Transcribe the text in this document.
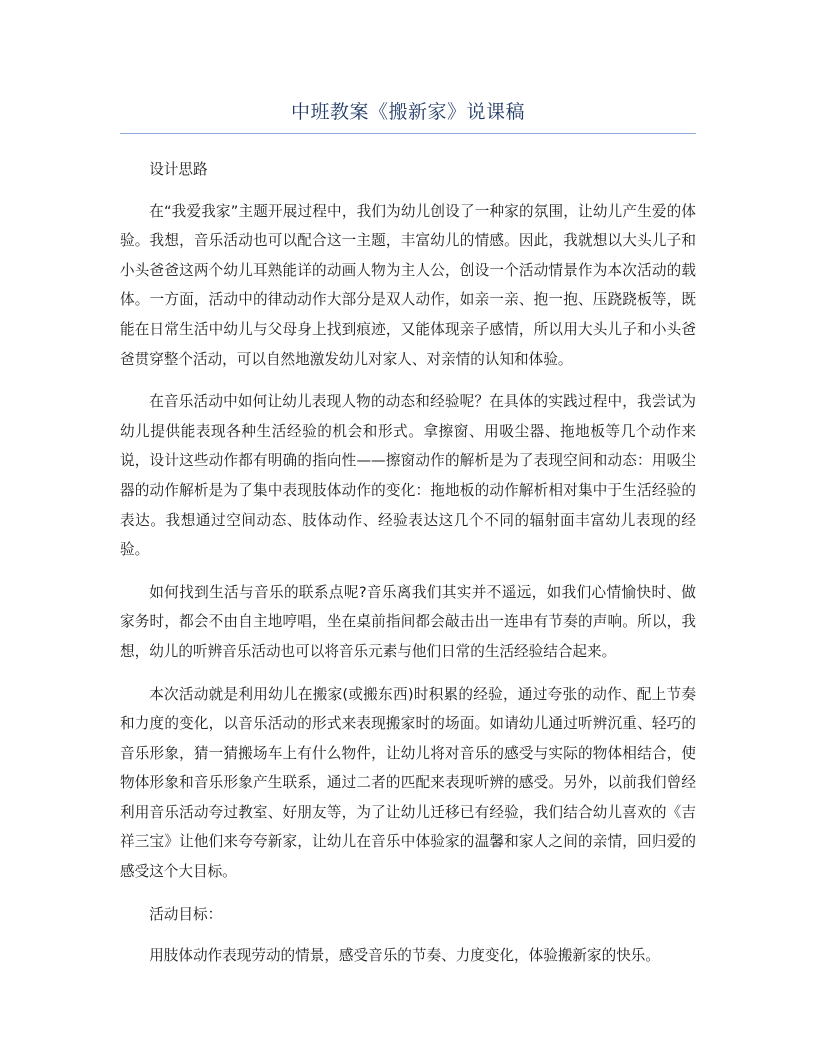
中班教案《搬新家》说课稿

设计思路

在“我爱我家”主题开展过程中，我们为幼儿创设了一种家的氛围，让幼儿产生爱的体验。我想，音乐活动也可以配合这一主题，丰富幼儿的情感。因此，我就想以大头儿子和小头爸爸这两个幼儿耳熟能详的动画人物为主人公，创设一个活动情景作为本次活动的载体。一方面，活动中的律动动作大部分是双人动作，如亲一亲、抱一抱、压跷跷板等，既能在日常生活中幼儿与父母身上找到痕迹，又能体现亲子感情，所以用大头儿子和小头爸爸贯穿整个活动，可以自然地激发幼儿对家人、对亲情的认知和体验。

在音乐活动中如何让幼儿表现人物的动态和经验呢？在具体的实践过程中，我尝试为幼儿提供能表现各种生活经验的机会和形式。拿擦窗、用吸尘器、拖地板等几个动作来说，设计这些动作都有明确的指向性——擦窗动作的解析是为了表现空间和动态：用吸尘器的动作解析是为了集中表现肢体动作的变化：拖地板的动作解析相对集中于生活经验的表达。我想通过空间动态、肢体动作、经验表达这几个不同的辐射面丰富幼儿表现的经验。

如何找到生活与音乐的联系点呢?音乐离我们其实并不遥远，如我们心情愉快时、做家务时，都会不由自主地哼唱，坐在桌前指间都会敲击出一连串有节奏的声响。所以，我想，幼儿的听辨音乐活动也可以将音乐元素与他们日常的生活经验结合起来。

本次活动就是利用幼儿在搬家(或搬东西)时积累的经验，通过夸张的动作、配上节奏和力度的变化，以音乐活动的形式来表现搬家时的场面。如请幼儿通过听辨沉重、轻巧的音乐形象，猜一猜搬场车上有什么物件，让幼儿将对音乐的感受与实际的物体相结合，使物体形象和音乐形象产生联系，通过二者的匹配来表现听辨的感受。另外，以前我们曾经利用音乐活动夸过教室、好朋友等，为了让幼儿迁移已有经验，我们结合幼儿喜欢的《吉祥三宝》让他们来夸夸新家，让幼儿在音乐中体验家的温馨和家人之间的亲情，回归爱的感受这个大目标。

活动目标：

用肢体动作表现劳动的情景，感受音乐的节奏、力度变化，体验搬新家的快乐。
